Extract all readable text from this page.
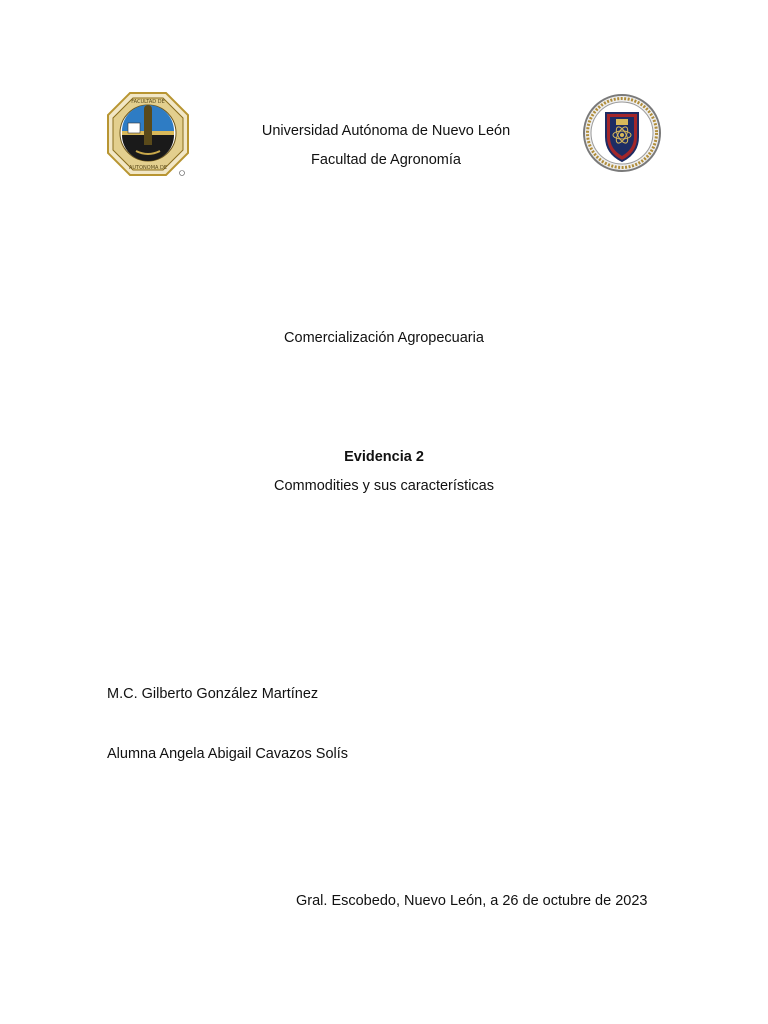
FACULTAD DE
AUTONOMA DE
Universidad Autónoma de Nuevo León
Facultad de Agronomía
Comercialización Agropecuaria
Evidencia 2
Commodities y sus características
M.C. Gilberto González Martínez
Alumna Angela Abigail Cavazos Solís
Gral. Escobedo, Nuevo León, a 26 de octubre de 2023
